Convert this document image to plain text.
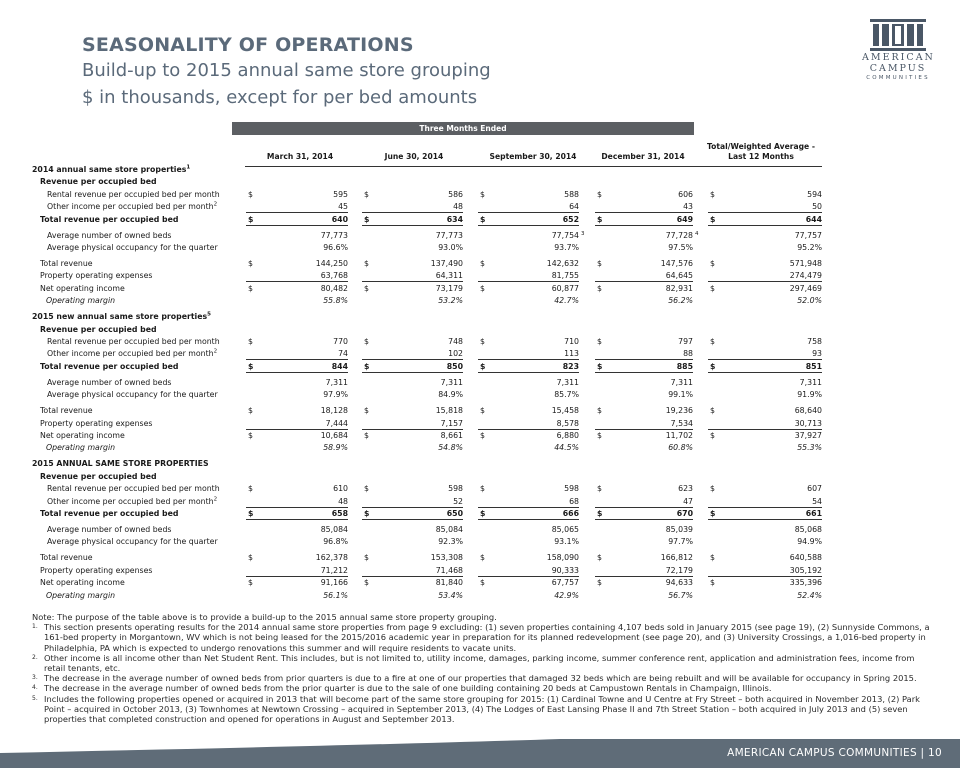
SEASONALITY OF OPERATIONS
Build-up to 2015 annual same store grouping
$ in thousands, except for per bed amounts
AMERICAN
CAMPUS
COMMUNITIES
Three Months Ended
March 31, 2014	June 30, 2014	September 30, 2014	December 31, 2014
Total/Weighted Average -
Last 12 Months
2014 annual same store properties$^1$
Revenue per occupied bed
Rental revenue per occupied bed per month	$	595 $	586 $	588 $	606 $	594
Other income per occupied bed per month$^2$	45	48	64	43	50
Total revenue per occupied bed	$	640 $	634 $	652 $	649 $	644
Average number of owned beds	77,773	77,773	77,754 3	77,728 4	77,757
Average physical occupancy for the quarter	96.6%	93.0%	93.7%	97.5%	95.2%
Total revenue	$	144,250 $	137,490 $	142,632 $	147,576 $	571,948
Property operating expenses	63,768	64,311	81,755	64,645	274,479
Net operating income	$	80,482 $	73,179 $	60,877 $	82,931 $	297,469
Operating margin	55.8%	53.2%	42.7%	56.2%	52.0%
2015 new annual same store properties$^5$
Revenue per occupied bed
Rental revenue per occupied bed per month	$	770 $	748 $	710 $	797 $	758
Other income per occupied bed per month$^2$	74	102	113	88	93
Total revenue per occupied bed	$	844 $	850 $	823 $	885 $	851
Average number of owned beds	7,311	7,311	7,311	7,311	7,311
Average physical occupancy for the quarter	97.9%	84.9%	85.7%	99.1%	91.9%
Total revenue	$	18,128 $	15,818 $	15,458 $	19,236 $	68,640
Property operating expenses	7,444	7,157	8,578	7,534	30,713
Net operating income	$	10,684 $	8,661 $	6,880 $	11,702 $	37,927
Operating margin	58.9%	54.8%	44.5%	60.8%	55.3%
2015 ANNUAL SAME STORE PROPERTIES
Revenue per occupied bed
Rental revenue per occupied bed per month	$	610 $	598 $	598 $	623 $	607
Other income per occupied bed per month$^2$	48	52	68	47	54
Total revenue per occupied bed	$	658 $	650 $	666 $	670 $	661
Average number of owned beds	85,084	85,084	85,065	85,039	85,068
Average physical occupancy for the quarter	96.8%	92.3%	93.1%	97.7%	94.9%
Total revenue	$	162,378 $	153,308 $	158,090 $	166,812 $	640,588
Property operating expenses	71,212	71,468	90,333	72,179	305,192
Net operating income	$	91,166 $	81,840 $	67,757 $	94,633 $	335,396
Operating margin	56.1%	53.4%	42.9%	56.7%	52.4%
Note: The purpose of the table above is to provide a build-up to the 2015 annual same store property grouping.
1. This section presents operating results for the 2014 annual same store properties from page 9 excluding: (1) seven properties containing 4,107 beds sold in January 2015 (see page 19), (2) Sunnyside Commons, a 161-bed property in Morgantown, WV which is not being leased for the 2015/2016 academic year in preparation for its planned redevelopment (see page 20), and (3) University Crossings, a 1,016-bed property in Philadelphia, PA which is expected to undergo renovations this summer and will require residents to vacate units.
2. Other income is all income other than Net Student Rent. This includes, but is not limited to, utility income, damages, parking income, summer conference rent, application and administration fees, income from retail tenants, etc.
3. The decrease in the average number of owned beds from prior quarters is due to a fire at one of our properties that damaged 32 beds which are being rebuilt and will be available for occupancy in Spring 2015.
4. The decrease in the average number of owned beds from the prior quarter is due to the sale of one building containing 20 beds at Campustown Rentals in Champaign, Illinois.
5. Includes the following properties opened or acquired in 2013 that will become part of the same store grouping for 2015: (1) Cardinal Towne and U Centre at Fry Street – both acquired in November 2013, (2) Park Point – acquired in October 2013, (3) Townhomes at Newtown Crossing – acquired in September 2013, (4) The Lodges of East Lansing Phase II and 7th Street Station – both acquired in July 2013 and (5) seven properties that completed construction and opened for operations in August and September 2013.
AMERICAN CAMPUS COMMUNITIES | 10
